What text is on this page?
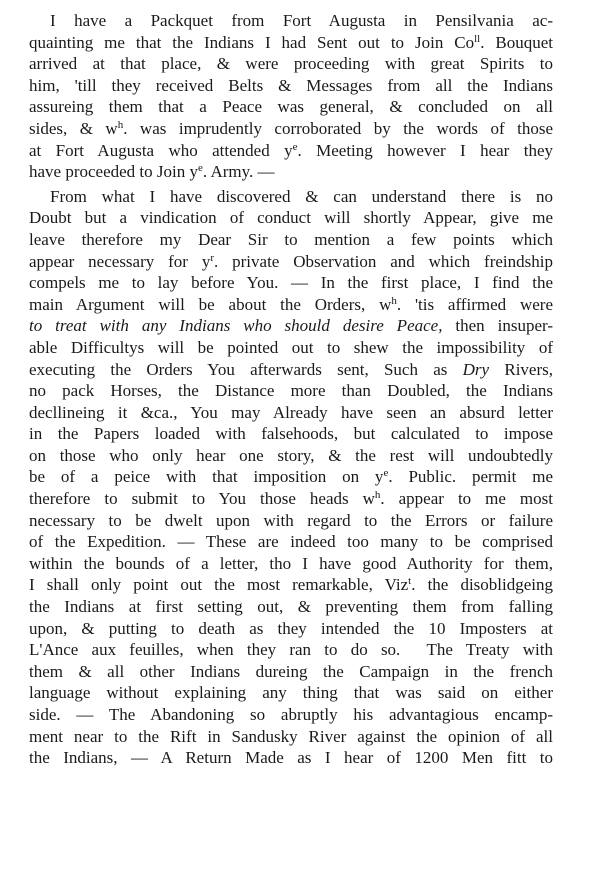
I have a Packquet from Fort Augusta in Pensilvania ac-
quainting me that the Indians I had Sent out to Join $Co^{ll}$. Bouquet
arrived at that place, & were proceeding with great Spirits to
him, 'till they received Belts & Messages from all the Indians
assureing them that a Peace was general, & concluded on all
sides, & $w^h$. was imprudently corroborated by the words of those
at Fort Augusta who attended $y^e$. Meeting however I hear they
have proceeded to Join $y^e$. Army. —
From what I have discovered & can understand there is no
Doubt but a vindication of conduct will shortly Appear, give me
leave therefore my Dear Sir to mention a few points which
appear necessary for $y^r$. private Observation and which freindship
compels me to lay before You. — In the first place, I find the
main Argument will be about the Orders, $w^h$. 'tis affirmed were
to treat with any Indians who should desire Peace, then insuper-
able Difficultys will be pointed out to shew the impossibility of
executing the Orders You afterwards sent, Such as Dry Rivers,
no pack Horses, the Distance more than Doubled, the Indians
decllineing it &ca., You may Already have seen an absurd letter
in the Papers loaded with falsehoods, but calculated to impose
on those who only hear one story, & the rest will undoubtedly
be of a peice with that imposition on $y^e$. Public. permit me
therefore to submit to You those heads $w^h$. appear to me most
necessary to be dwelt upon with regard to the Errors or failure
of the Expedition. — These are indeed too many to be comprised
within the bounds of a letter, tho I have good Authority for them,
I shall only point out the most remarkable, Viz$^t$. the disoblidgeing
the Indians at first setting out, & preventing them from falling
upon, & putting to death as they intended the 10 Imposters at
L'Ance aux feuilles, when they ran to do so.  The Treaty with
them & all other Indians dureing the Campaign in the french
language without explaining any thing that was said on either
side. — The Abandoning so abruptly his advantagious encamp-
ment near to the Rift in Sandusky River against the opinion of all
the Indians, — A Return Made as I hear of 1200 Men fitt to
